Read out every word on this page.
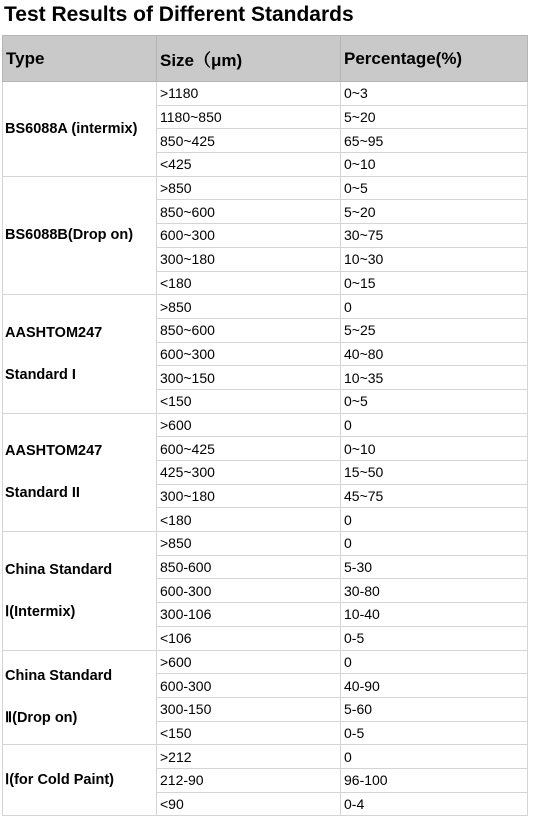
Test Results of Different Standards
Type	Size（μm)	Percentage(%)

BS6088A (intermix)	>1180	0~3
	1180~850	5~20
	850~425	65~95
	<425	0~10

BS6088B(Drop on)	>850	0~5
	850~600	5~20
	600~300	30~75
	300~180	10~30
	<180	0~15

AASHTOM247
Standard I	>850	0
	850~600	5~25
	600~300	40~80
	300~150	10~35
	<150	0~5

AASHTOM247
Standard II	>600	0
	600~425	0~10
	425~300	15~50
	300~180	45~75
	<180	0

China Standard
Ⅰ(Intermix)	>850	0
	850-600	5-30
	600-300	30-80
	300-106	10-40
	<106	0-5

China Standard
Ⅱ(Drop on)	>600	0
	600-300	40-90
	300-150	5-60
	<150	0-5

Ⅰ(for Cold Paint)	>212	0
	212-90	96-100
	<90	0-4
